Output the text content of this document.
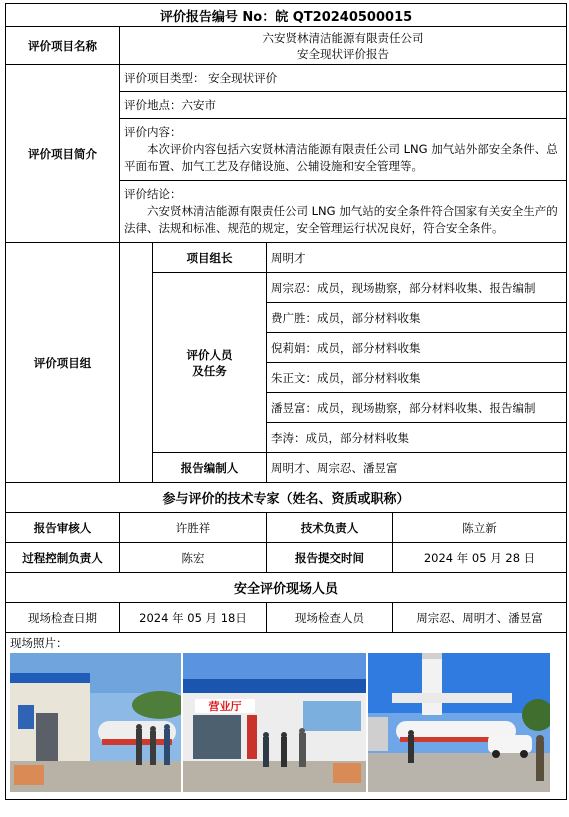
评价报告编号 No：皖 QT20240500015				
评价项目名称	六安贤林清洁能源有限责任公司
安全现状评价报告			

评价项目简介	评价项目类型： 安全现状评价			
	评价地点：六安市			

	评价内容：
本次评价内容包括六安贤林清洁能源有限责任公司 LNG 加气站外部安全条件、总平面布置、加气工艺及存储设施、公辅设施和安全管理等。			

	评价结论：
六安贤林清洁能源有限责任公司 LNG 加气站的安全条件符合国家有关安全生产的法律、法规和标准、规范的规定，安全管理运行状况良好，符合安全条件。			

评价项目组		项目组长	周明才	

		评价人员
及任务	周宗忍：成员，现场勘察，部分材料收集、报告编制	
			费广胜：成员，部分材料收集	
			倪莉娟：成员，部分材料收集	
			朱正文：成员，部分材料收集	
			潘昱富：成员，现场勘察，部分材料收集、报告编制	
			李涛：成员，部分材料收集	
		报告编制人	周明才、周宗忍、潘昱富	
参与评价的技术专家（姓名、资质或职称）				
报告审核人	许胜祥		技术负责人	陈立新
过程控制负责人	陈宏		报告提交时间	2024 年 05 月 28 日
安全评价现场人员				
现场检查日期	2024 年 05 月 18日		现场检查人员	周宗忍、周明才、潘昱富

现场照片：
营业厅				
